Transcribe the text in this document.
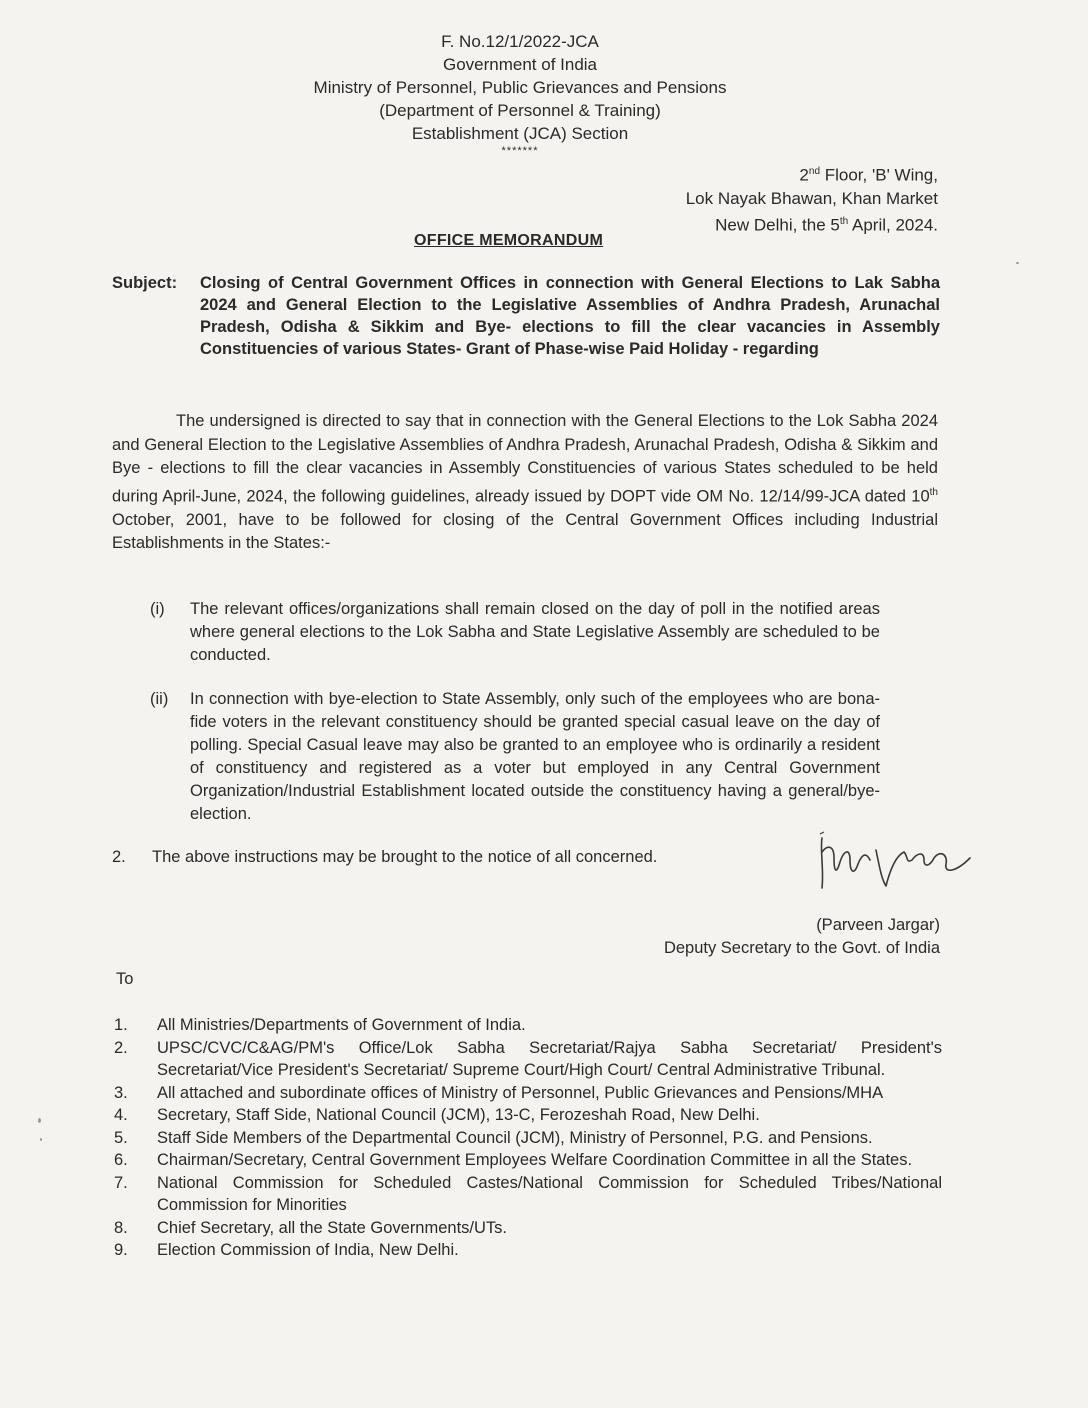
F. No.12/1/2022-JCA
Government of India
Ministry of Personnel, Public Grievances and Pensions
(Department of Personnel & Training)
Establishment (JCA) Section
*******
2nd Floor, 'B' Wing,
Lok Nayak Bhawan, Khan Market
New Delhi, the 5th April, 2024.
OFFICE MEMORANDUM
Subject: Closing of Central Government Offices in connection with General Elections to Lak Sabha 2024 and General Election to the Legislative Assemblies of Andhra Pradesh, Arunachal Pradesh, Odisha & Sikkim and Bye- elections to fill the clear vacancies in Assembly Constituencies of various States- Grant of Phase-wise Paid Holiday - regarding
The undersigned is directed to say that in connection with the General Elections to the Lok Sabha 2024 and General Election to the Legislative Assemblies of Andhra Pradesh, Arunachal Pradesh, Odisha & Sikkim and Bye - elections to fill the clear vacancies in Assembly Constituencies of various States scheduled to be held during April-June, 2024, the following guidelines, already issued by DOPT vide OM No. 12/14/99-JCA dated 10th October, 2001, have to be followed for closing of the Central Government Offices including Industrial Establishments in the States:-
(i) The relevant offices/organizations shall remain closed on the day of poll in the notified areas where general elections to the Lok Sabha and State Legislative Assembly are scheduled to be conducted.
(ii) In connection with bye-election to State Assembly, only such of the employees who are bona-fide voters in the relevant constituency should be granted special casual leave on the day of polling. Special Casual leave may also be granted to an employee who is ordinarily a resident of constituency and registered as a voter but employed in any Central Government Organization/Industrial Establishment located outside the constituency having a general/bye-election.
2. The above instructions may be brought to the notice of all concerned.
(Parveen Jargar)
Deputy Secretary to the Govt. of India
To
1. All Ministries/Departments of Government of India.
2. UPSC/CVC/C&AG/PM's Office/Lok Sabha Secretariat/Rajya Sabha Secretariat/ President's Secretariat/Vice President's Secretariat/ Supreme Court/High Court/ Central Administrative Tribunal.
3. All attached and subordinate offices of Ministry of Personnel, Public Grievances and Pensions/MHA
4. Secretary, Staff Side, National Council (JCM), 13-C, Ferozeshah Road, New Delhi.
5. Staff Side Members of the Departmental Council (JCM), Ministry of Personnel, P.G. and Pensions.
6. Chairman/Secretary, Central Government Employees Welfare Coordination Committee in all the States.
7. National Commission for Scheduled Castes/National Commission for Scheduled Tribes/National Commission for Minorities
8. Chief Secretary, all the State Governments/UTs.
9. Election Commission of India, New Delhi.
